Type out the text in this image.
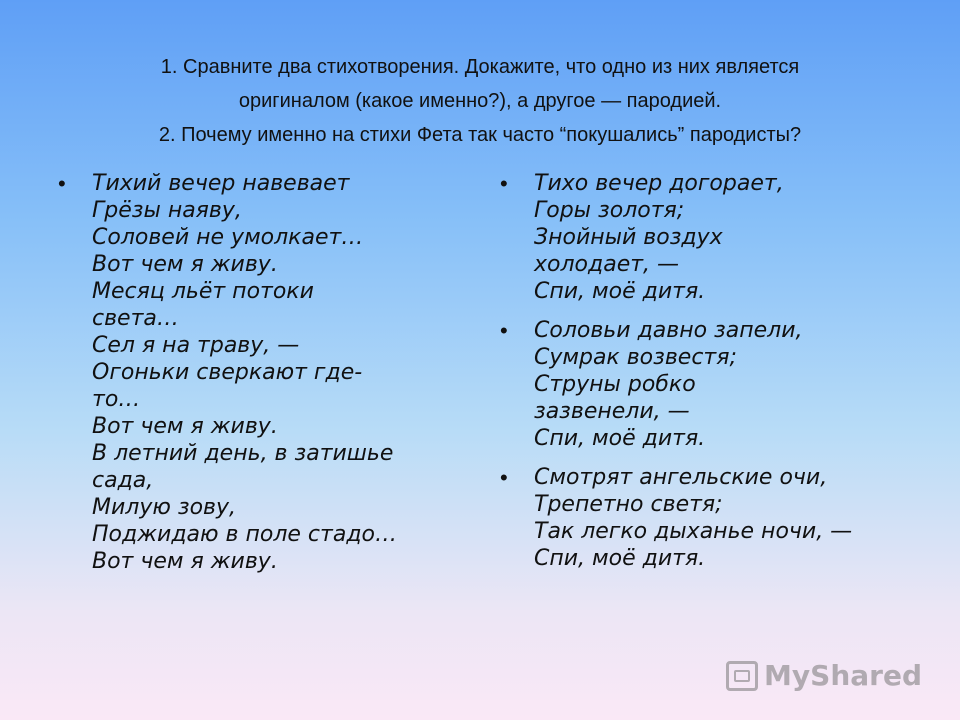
1. Сравните два стихотворения. Докажите, что одно из них является
оригиналом (какое именно?), а другое — пародией.
2. Почему именно на стихи Фета так часто “покушались” пародисты?
• Тихий вечер навевает
Грёзы наяву,
Соловей не умолкает…
Вот чем я живу.
Месяц льёт потоки
света…
Сел я на траву, —
Огоньки сверкают где-
то…
Вот чем я живу.
В летний день, в затишье
сада,
Милую зову,
Поджидаю в поле стадо…
Вот чем я живу.
• Тихо вечер догорает,
Горы золотя;
Знойный воздух
холодает, —
Спи, моё дитя.
• Соловьи давно запели,
Сумрак возвестя;
Струны робко
зазвенели, —
Спи, моё дитя.
• Смотрят ангельские очи,
Трепетно светя;
Так легко дыханье ночи, —
Спи, моё дитя.
MyShared
